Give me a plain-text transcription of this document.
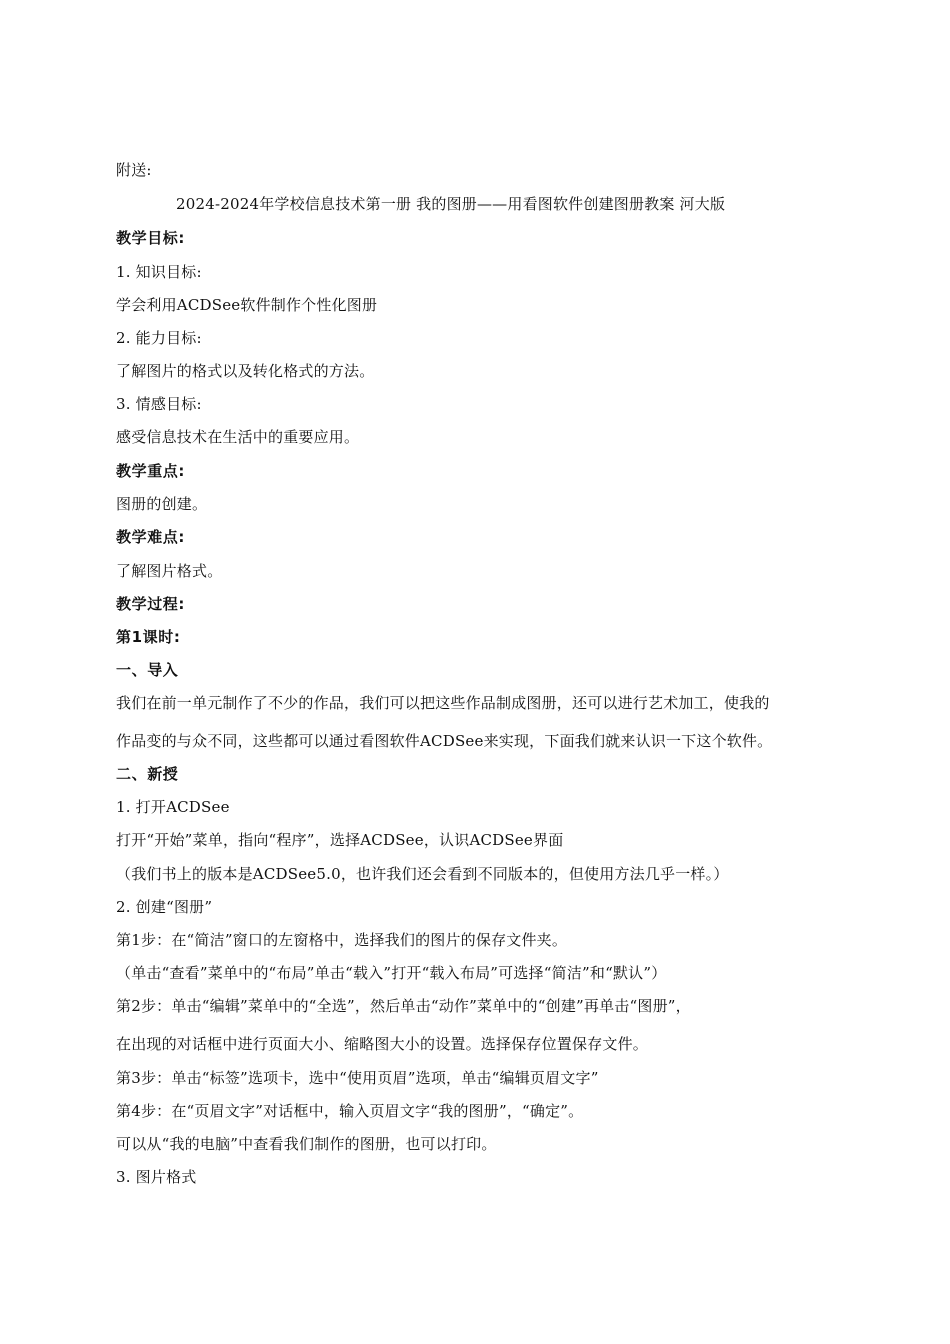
附送:
2024-2024年学校信息技术第一册 我的图册——用看图软件创建图册教案 河大版
教学目标:
1. 知识目标:
学会利用ACDSee软件制作个性化图册
2. 能力目标:
了解图片的格式以及转化格式的方法。
3. 情感目标:
感受信息技术在生活中的重要应用。
教学重点:
图册的创建。
教学难点:
了解图片格式。
教学过程:
第1课时:
一、导入
我们在前一单元制作了不少的作品，我们可以把这些作品制成图册，还可以进行艺术加工，使我的
作品变的与众不同，这些都可以通过看图软件ACDSee来实现，下面我们就来认识一下这个软件。
二、新授
1. 打开ACDSee
打开“开始”菜单，指向“程序”，选择ACDSee，认识ACDSee界面
（我们书上的版本是ACDSee5.0，也许我们还会看到不同版本的，但使用方法几乎一样。）
2. 创建“图册”
第1步：在“简洁”窗口的左窗格中，选择我们的图片的保存文件夹。
（单击“查看”菜单中的“布局”单击“载入”打开“载入布局”可选择“简洁”和“默认”）
第2步：单击“编辑”菜单中的“全选”，然后单击“动作”菜单中的“创建”再单击“图册”，
在出现的对话框中进行页面大小、缩略图大小的设置。选择保存位置保存文件。
第3步：单击“标签”选项卡，选中“使用页眉”选项，单击“编辑页眉文字”
第4步：在“页眉文字”对话框中，输入页眉文字“我的图册”，“确定”。
可以从“我的电脑”中查看我们制作的图册，也可以打印。
3. 图片格式
